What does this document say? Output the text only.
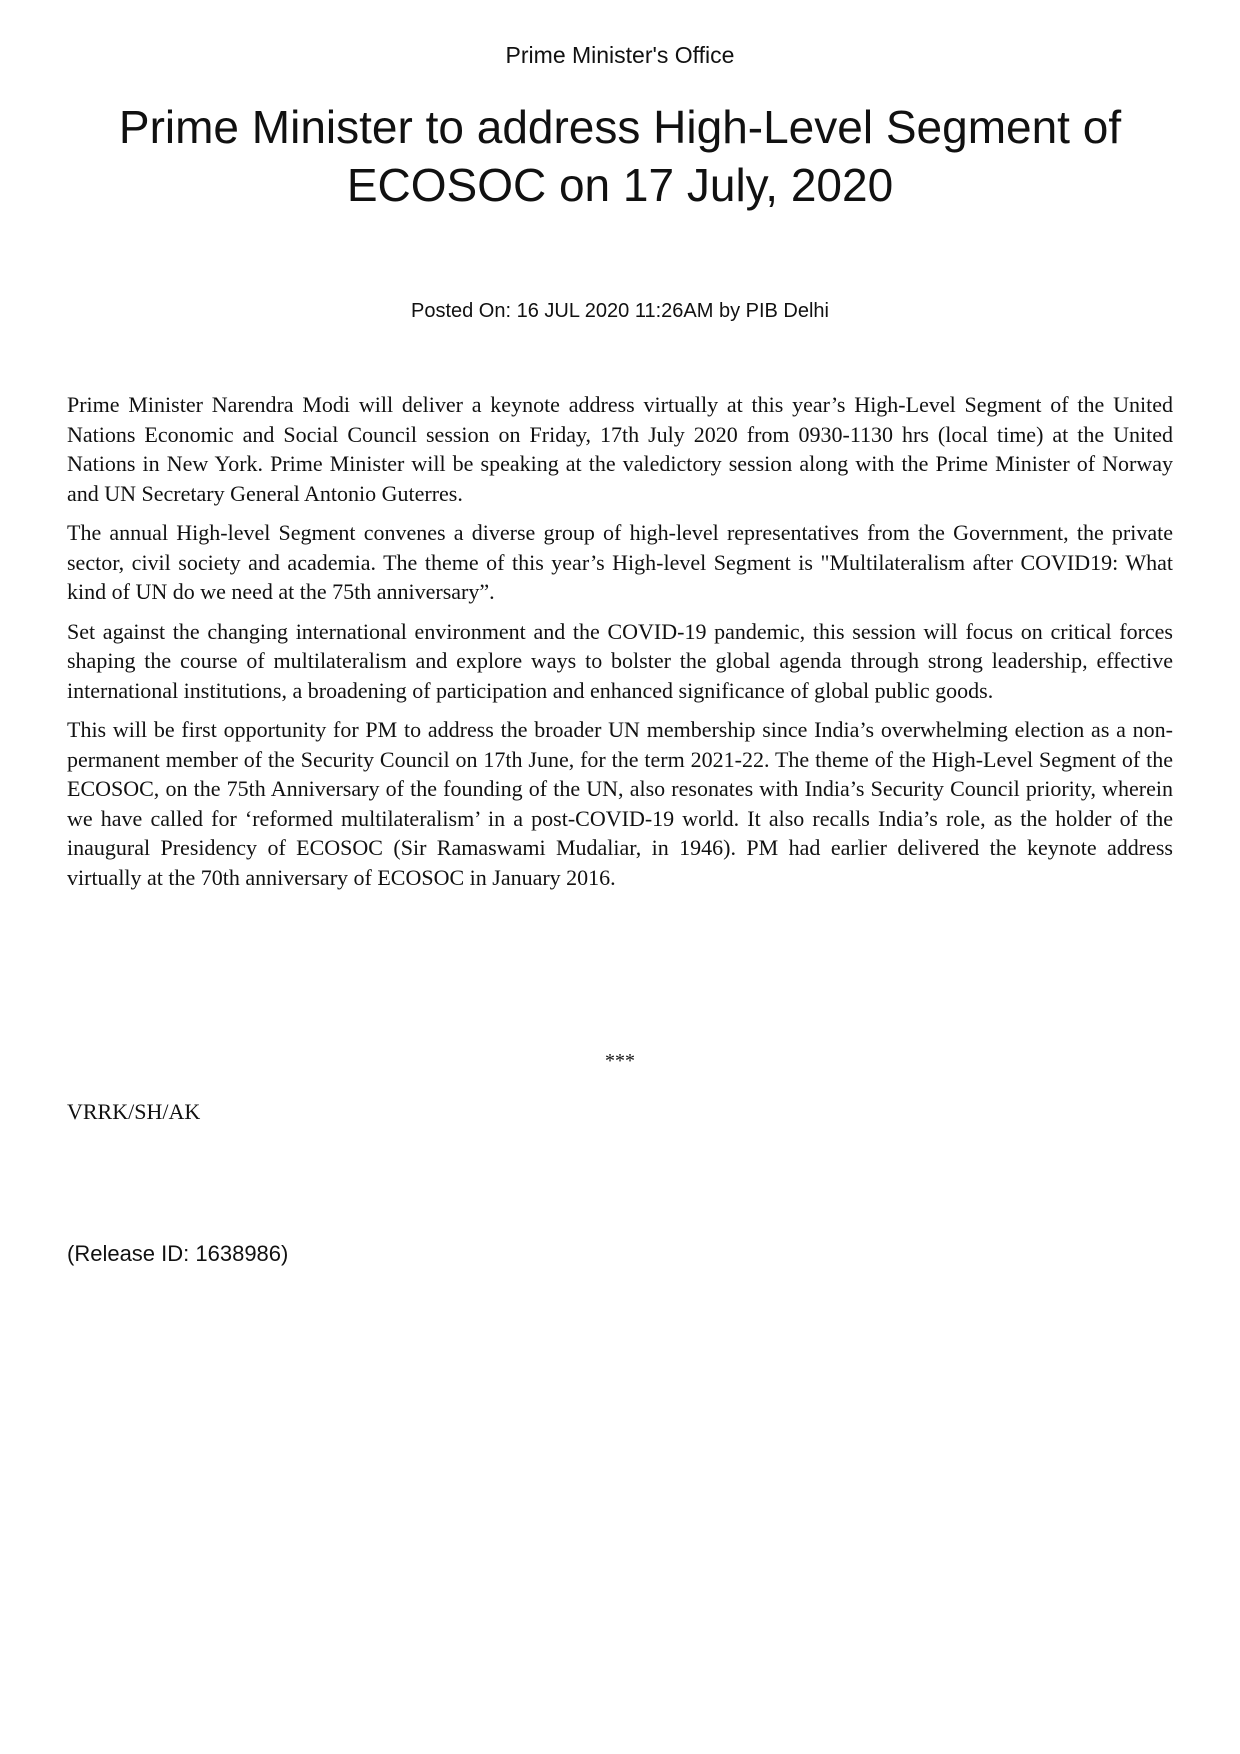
Prime Minister's Office
Prime Minister to address High-Level Segment of ECOSOC on 17 July, 2020
Posted On: 16 JUL 2020 11:26AM by PIB Delhi

Prime Minister Narendra Modi will deliver a keynote address virtually at this year’s High-Level Segment of the United Nations Economic and Social Council session on Friday, 17th July 2020 from 0930-1130 hrs (local time) at the United Nations in New York. Prime Minister will be speaking at the valedictory session along with the Prime Minister of Norway and UN Secretary General Antonio Guterres.

The annual High-level Segment convenes a diverse group of high-level representatives from the Government, the private sector, civil society and academia. The theme of this year’s High-level Segment is "Multilateralism after COVID19: What kind of UN do we need at the 75th anniversary”.

Set against the changing international environment and the COVID-19 pandemic, this session will focus on critical forces shaping the course of multilateralism and explore ways to bolster the global agenda through strong leadership, effective international institutions, a broadening of participation and enhanced significance of global public goods.

This will be first opportunity for PM to address the broader UN membership since India’s overwhelming election as a non-permanent member of the Security Council on 17th June, for the term 2021-22. The theme of the High-Level Segment of the ECOSOC, on the 75th Anniversary of the founding of the UN, also resonates with India’s Security Council priority, wherein we have called for ‘reformed multilateralism’ in a post-COVID-19 world. It also recalls India’s role, as the holder of the inaugural Presidency of ECOSOC (Sir Ramaswami Mudaliar, in 1946). PM had earlier delivered the keynote address virtually at the 70th anniversary of ECOSOC in January 2016.

***
VRRK/SH/AK
(Release ID: 1638986)
